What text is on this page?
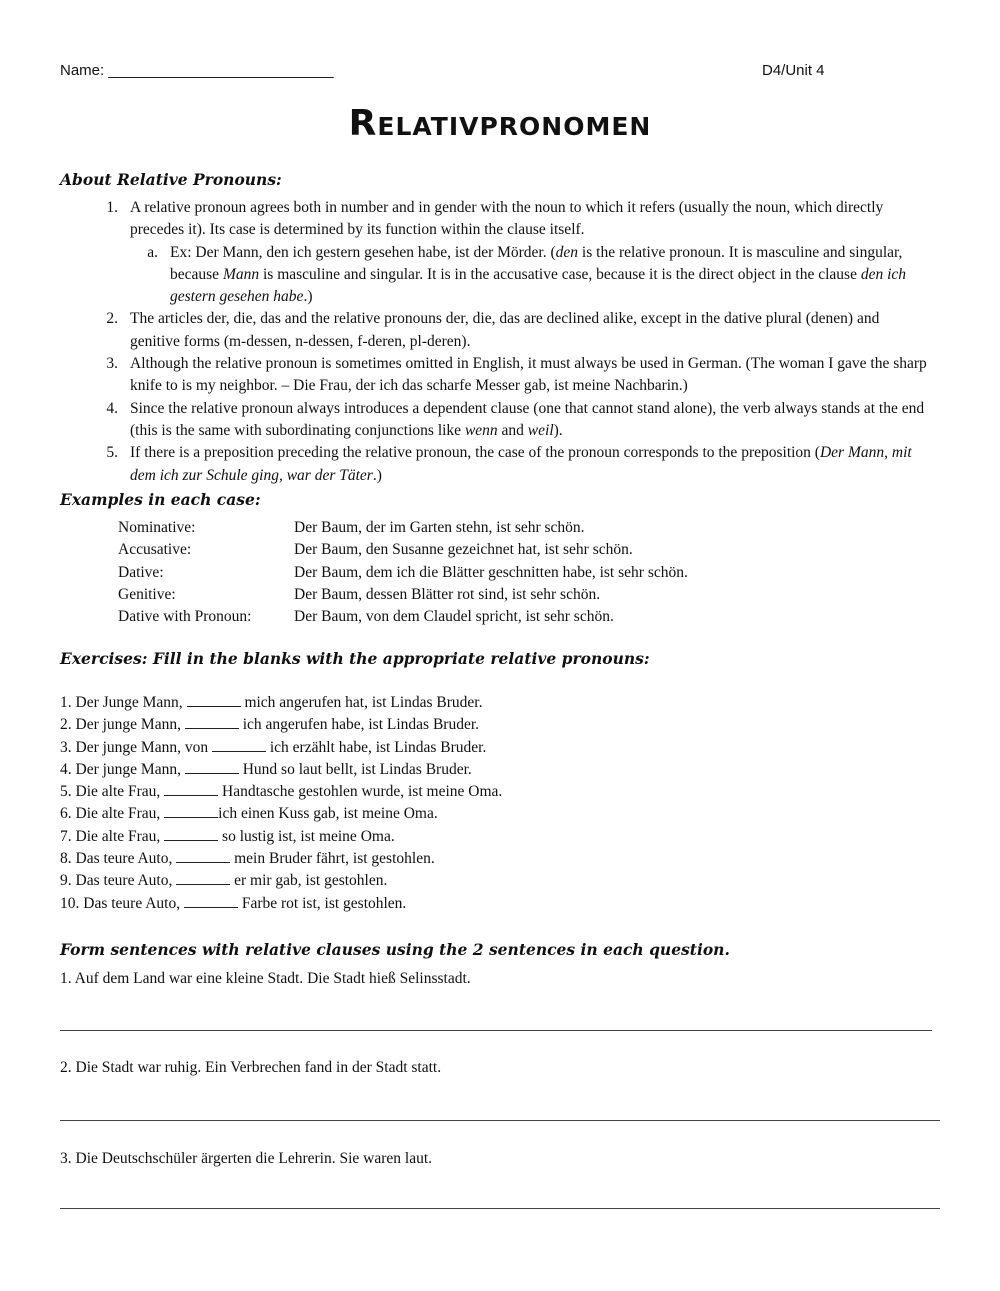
Name: ___________________________	D4/Unit 4
Relativpronomen
About Relative Pronouns:
1. A relative pronoun agrees both in number and in gender with the noun to which it refers (usually the noun, which directly precedes it). Its case is determined by its function within the clause itself.
a. Ex: Der Mann, den ich gestern gesehen habe, ist der Mörder. (den is the relative pronoun. It is masculine and singular, because Mann is masculine and singular. It is in the accusative case, because it is the direct object in the clause den ich gestern gesehen habe.)
2. The articles der, die, das and the relative pronouns der, die, das are declined alike, except in the dative plural (denen) and genitive forms (m-dessen, n-dessen, f-deren, pl-deren).
3. Although the relative pronoun is sometimes omitted in English, it must always be used in German. (The woman I gave the sharp knife to is my neighbor. – Die Frau, der ich das scharfe Messer gab, ist meine Nachbarin.)
4. Since the relative pronoun always introduces a dependent clause (one that cannot stand alone), the verb always stands at the end (this is the same with subordinating conjunctions like wenn and weil).
5. If there is a preposition preceding the relative pronoun, the case of the pronoun corresponds to the preposition (Der Mann, mit dem ich zur Schule ging, war der Täter.)
Examples in each case:
Nominative:	Der Baum, der im Garten stehn, ist sehr schön.
Accusative:	Der Baum, den Susanne gezeichnet hat, ist sehr schön.
Dative:	Der Baum, dem ich die Blätter geschnitten habe, ist sehr schön.
Genitive:	Der Baum, dessen Blätter rot sind, ist sehr schön.
Dative with Pronoun:	Der Baum, von dem Claudel spricht, ist sehr schön.
Exercises: Fill in the blanks with the appropriate relative pronouns:
1. Der Junge Mann,	mich angerufen hat, ist Lindas Bruder.
2. Der junge Mann,	ich angerufen habe, ist Lindas Bruder.
3. Der junge Mann, von	ich erzählt habe, ist Lindas Bruder.
4. Der junge Mann,	Hund so laut bellt, ist Lindas Bruder.
5. Die alte Frau,	Handtasche gestohlen wurde, ist meine Oma.
6. Die alte Frau,	ich einen Kuss gab, ist meine Oma.
7. Die alte Frau,	so lustig ist, ist meine Oma.
8. Das teure Auto,	mein Bruder fährt, ist gestohlen.
9. Das teure Auto,	er mir gab, ist gestohlen.
10. Das teure Auto,	Farbe rot ist, ist gestohlen.
Form sentences with relative clauses using the 2 sentences in each question.
1. Auf dem Land war eine kleine Stadt. Die Stadt hieß Selinsstadt.
2. Die Stadt war ruhig. Ein Verbrechen fand in der Stadt statt.
3. Die Deutschschüler ärgerten die Lehrerin. Sie waren laut.
